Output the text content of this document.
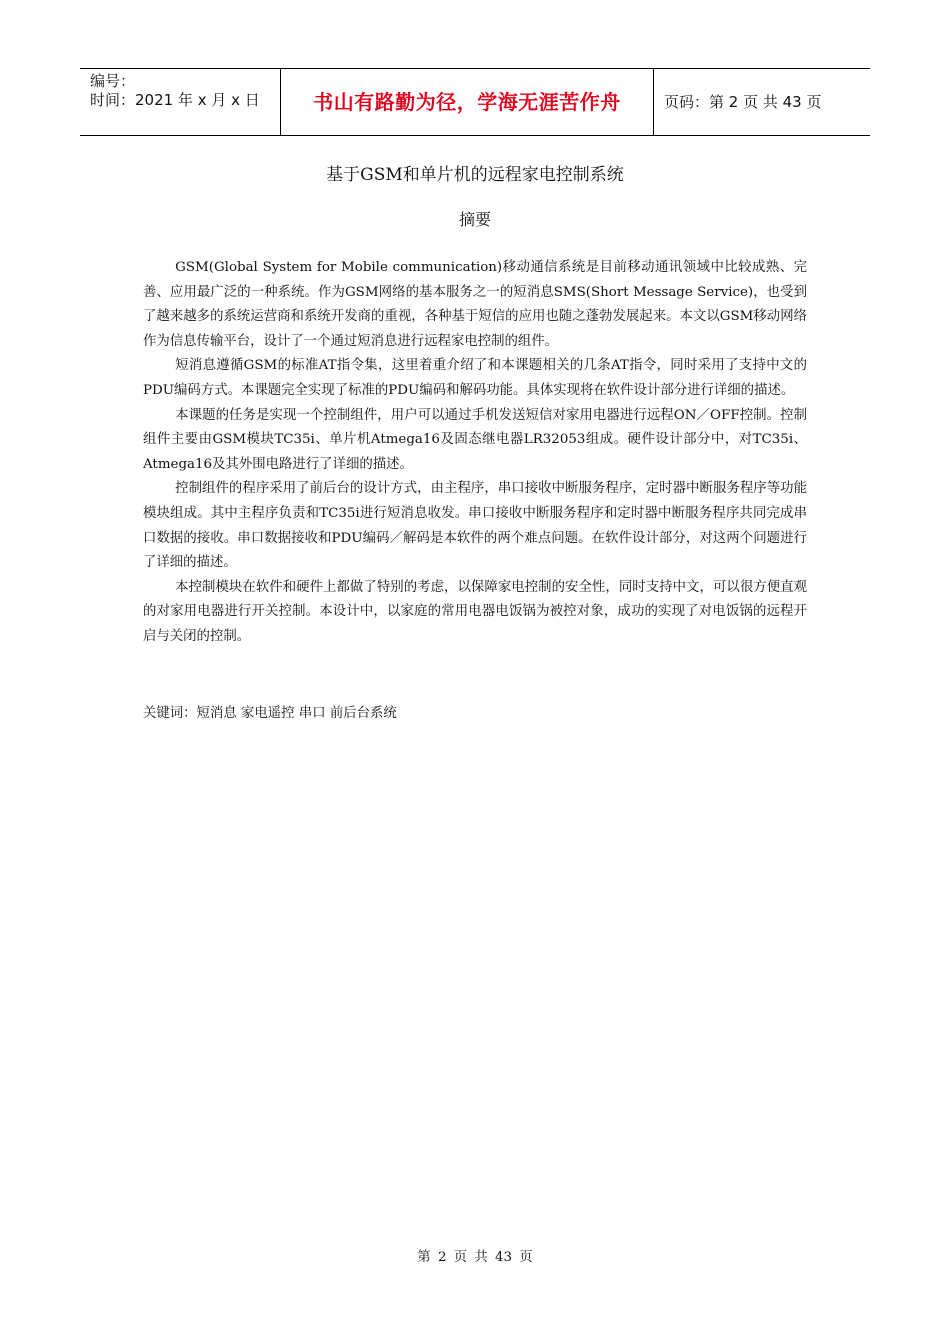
编号：
时间：2021 年 x 月 x 日	书山有路勤为径，学海无涯苦作舟	页码：第 2 页 共 43 页
基于GSM和单片机的远程家电控制系统
摘要

GSM(Global System for Mobile communication)移动通信系统是目前移动通讯领域中比较成熟、完善、应用最广泛的一种系统。作为GSM网络的基本服务之一的短消息SMS(Short Message Service)，也受到了越来越多的系统运营商和系统开发商的重视，各种基于短信的应用也随之蓬勃发展起来。本文以GSM移动网络作为信息传输平台，设计了一个通过短消息进行远程家电控制的组件。

短消息遵循GSM的标准AT指令集，这里着重介绍了和本课题相关的几条AT指令，同时采用了支持中文的PDU编码方式。本课题完全实现了标准的PDU编码和解码功能。具体实现将在软件设计部分进行详细的描述。

本课题的任务是实现一个控制组件，用户可以通过手机发送短信对家用电器进行远程ON／OFF控制。控制组件主要由GSM模块TC35i、单片机Atmega16及固态继电器LR32053组成。硬件设计部分中，对TC35i、Atmega16及其外围电路进行了详细的描述。

控制组件的程序采用了前后台的设计方式，由主程序，串口接收中断服务程序，定时器中断服务程序等功能模块组成。其中主程序负责和TC35i进行短消息收发。串口接收中断服务程序和定时器中断服务程序共同完成串口数据的接收。串口数据接收和PDU编码／解码是本软件的两个难点问题。在软件设计部分，对这两个问题进行了详细的描述。

本控制模块在软件和硬件上都做了特别的考虑，以保障家电控制的安全性，同时支持中文，可以很方便直观的对家用电器进行开关控制。本设计中，以家庭的常用电器电饭锅为被控对象，成功的实现了对电饭锅的远程开启与关闭的控制。

关键词：短消息 家电遥控 串口 前后台系统
第 2 页 共 43 页
